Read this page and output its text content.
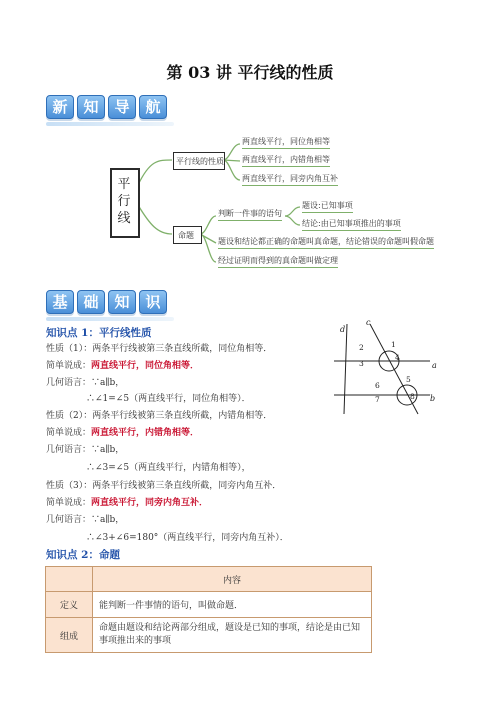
第 03 讲 平行线的性质
新	知	导	航
平行线
平行线的性质
两直线平行，同位角相等
两直线平行，内错角相等
两直线平行，同旁内角互补
命题
判断一件事的语句
题设:已知事项
结论:由已知事项推出的事项
题设和结论都正确的命题叫真命题，结论错误的命题叫假命题
经过证明而得到的真命题叫做定理
基	础	知	识
知识点 1：平行线性质
性质（1）：两条平行线被第三条直线所截，同位角相等．
简单说成：两直线平行，同位角相等．
几何语言：∵a∥b，
∴∠1=∠5（两直线平行，同位角相等）．
性质（2）：两条平行线被第三条直线所截，内错角相等．
简单说成：两直线平行，内错角相等．
几何语言：∵a∥b，
∴∠3=∠5（两直线平行，内错角相等），
性质（3）：两条平行线被第三条直线所截，同旁内角互补．
简单说成：两直线平行，同旁内角互补．
几何语言：∵a∥b，
∴∠3+∠6=180°（两直线平行，同旁内角互补）．
c
d
a
b
1
2
3
4
5
6
7	8
知识点 2：命题
	内容
定义	能判断一件事情的语句，叫做命题．
组成	命题由题设和结论两部分组成，题设是已知的事项，结论是由已知事项推出来的事项
